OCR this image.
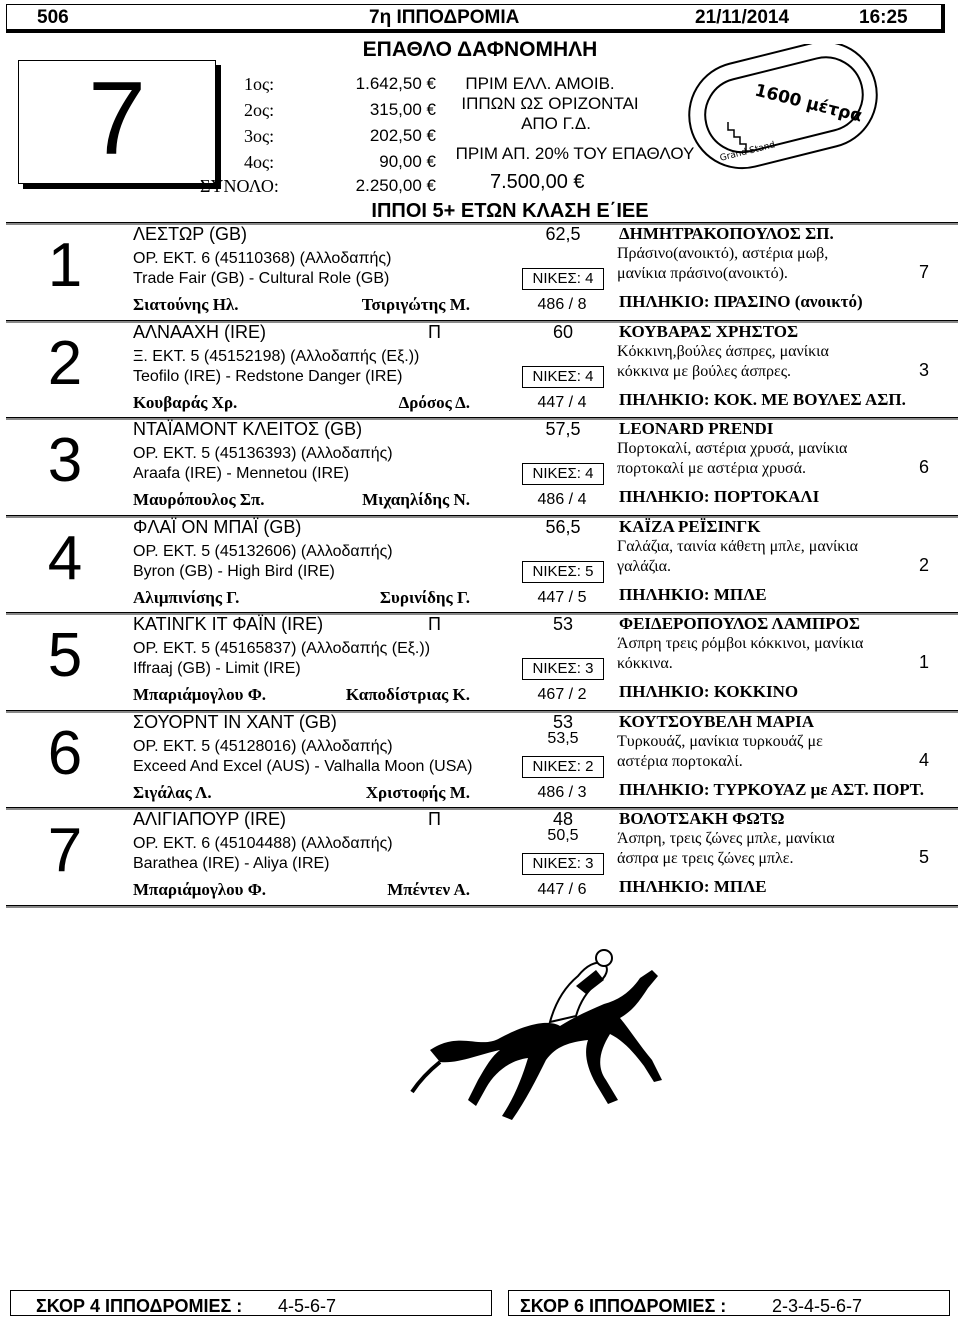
506	7η ΙΠΠΟΔΡΟΜΙΑ	21/11/2014	16:25
7
ΕΠΑΘΛΟ ΔΑΦΝΟΜΗΛΗ
1ος:	1.642,50 €
2ος:	315,00 €
3ος:	202,50 €
4ος:	90,00 €
ΣΥΝΟΛΟ:	2.250,00 €
ΠΡΙΜ ΕΛΛ. ΑΜΟΙΒ.
ΙΠΠΩΝ ΩΣ ΟΡΙΖΟΝΤΑΙ
ΑΠΟ Γ.Δ.
ΠΡΙΜ ΑΠ. 20% ΤΟΥ ΕΠΑΘΛΟΥ
7.500,00 €
1600 μέτρα
Grand Stand
ΙΠΠΟΙ 5+ ΕΤΩΝ ΚΛΑΣΗ Ε΄ΙΕΕ
1	ΛΕΣΤΩΡ (GB)	62,5
ΟΡ. ΕΚΤ. 6 (45110368) (Αλλοδαπής)
Trade Fair (GB) - Cultural Role (GB)	ΝΙΚΕΣ: 4
Σιατούνης Ηλ.	Τσιριγώτης Μ.	486 / 8
ΔΗΜΗΤΡΑΚΟΠΟΥΛΟΣ ΣΠ.
Πράσινο(ανοικτό), αστέρια μωβ,
μανίκια πράσινο(ανοικτό).
ΠΗΛΗΚΙΟ: ΠΡΑΣΙΝΟ (ανοικτό)
7
2	ΑΛΝΑΑΧΗ (IRE)	Π	60
Ξ. ΕΚΤ. 5 (45152198) (Αλλοδαπής (Εξ.))
Teofilo (IRE) - Redstone Danger (IRE)	ΝΙΚΕΣ: 4
Κουβαράς Χρ.	Δρόσος Δ.	447 / 4
ΚΟΥΒΑΡΑΣ ΧΡΗΣΤΟΣ
Κόκκινη,βούλες άσπρες, μανίκια
κόκκινα με βούλες άσπρες.
ΠΗΛΗΚΙΟ: ΚΟΚ. ΜΕ ΒΟΥΛΕΣ ΑΣΠ.
3
3	ΝΤΑΪΑΜΟΝΤ ΚΛΕΙΤΟΣ (GB)	57,5
ΟΡ. ΕΚΤ. 5 (45136393) (Αλλοδαπής)
Araafa (IRE) - Mennetou (IRE)	ΝΙΚΕΣ: 4
Μαυρόπουλος Σπ.	Μιχαηλίδης Ν.	486 / 4
LEONARD PRENDI
Πορτοκαλί, αστέρια χρυσά, μανίκια
πορτοκαλί με αστέρια χρυσά.
ΠΗΛΗΚΙΟ: ΠΟΡΤΟΚΑΛΙ
6
4	ΦΛΑΪ ΟΝ ΜΠΑΪ (GB)	56,5
ΟΡ. ΕΚΤ. 5 (45132606) (Αλλοδαπής)
Byron (GB) - High Bird (IRE)	ΝΙΚΕΣ: 5
Αλιμπινίσης Γ.	Συρινίδης Γ.	447 / 5
ΚΑΪΖΑ ΡΕΪΣΙΝΓΚ
Γαλάζια, ταινία κάθετη μπλε, μανίκια
γαλάζια.
ΠΗΛΗΚΙΟ: ΜΠΛΕ
2
5	ΚΑΤΙΝΓΚ ΙΤ ΦΑΪΝ (IRE)	Π	53
ΟΡ. ΕΚΤ. 5 (45165837) (Αλλοδαπής (Εξ.))
Iffraaj (GB) - Limit (IRE)	ΝΙΚΕΣ: 3
Μπαριάμογλου Φ.	Καποδίστριας Κ.	467 / 2
ΦΕΙΔΕΡΟΠΟΥΛΟΣ ΛΑΜΠΡΟΣ
Άσπρη τρεις ρόμβοι κόκκινοι, μανίκια
κόκκινα.
ΠΗΛΗΚΙΟ: ΚΟΚΚΙΝΟ
1
6	ΣΟΥΟΡΝΤ ΙΝ ΧΑΝΤ (GB)	53
53,5
ΟΡ. ΕΚΤ. 5 (45128016) (Αλλοδαπής)
Exceed And Excel (AUS) - Valhalla Moon (USA)	ΝΙΚΕΣ: 2
Σιγάλας Λ.	Χριστοφής Μ.	486 / 3
ΚΟΥΤΣΟΥΒΕΛΗ ΜΑΡΙΑ
Τυρκουάζ, μανίκια τυρκουάζ με
αστέρια πορτοκαλί.
ΠΗΛΗΚΙΟ: ΤΥΡΚΟΥΑΖ με ΑΣΤ. ΠΟΡΤ.
4
7	ΑΛΙΓΙΑΠΟΥΡ (IRE)	Π	48
50,5
ΟΡ. ΕΚΤ. 6 (45104488) (Αλλοδαπής)
Barathea (IRE) - Aliya (IRE)	ΝΙΚΕΣ: 3
Μπαριάμογλου Φ.	Μπέντεν Α.	447 / 6
ΒΟΛΟΤΣΑΚΗ ΦΩΤΩ
Άσπρη, τρεις ζώνες μπλε, μανίκια
άσπρα με τρεις ζώνες μπλε.
ΠΗΛΗΚΙΟ: ΜΠΛΕ
5
ΣΚΟΡ 4 ΙΠΠΟΔΡΟΜΙΕΣ : 4-5-6-7	ΣΚΟΡ 6 ΙΠΠΟΔΡΟΜΙΕΣ :	2-3-4-5-6-7
